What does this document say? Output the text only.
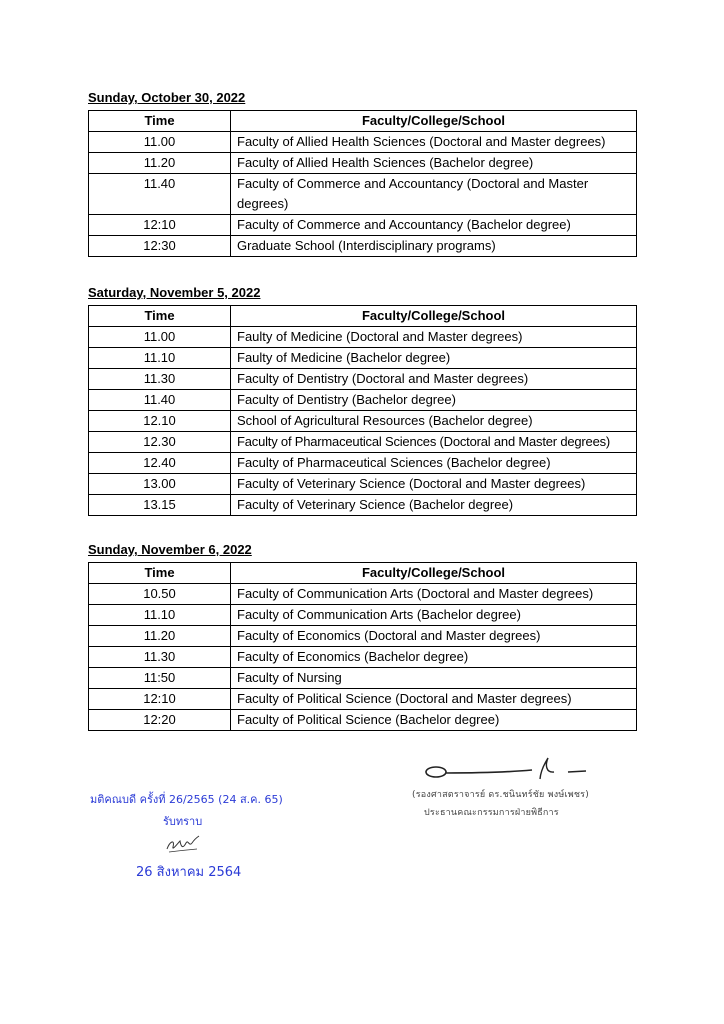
Sunday, October 30, 2022

Time	Faculty/College/School
11.00	Faculty of Allied Health Sciences (Doctoral and Master degrees)
11.20	Faculty of Allied Health Sciences (Bachelor degree)
11.40	Faculty of Commerce and Accountancy (Doctoral and Master degrees)
12:10	Faculty of Commerce and Accountancy (Bachelor degree)
12:30	Graduate School (Interdisciplinary programs)

Saturday, November 5, 2022

Time	Faculty/College/School
11.00	Faulty of Medicine (Doctoral and Master degrees)
11.10	Faulty of Medicine (Bachelor degree)
11.30	Faculty of Dentistry (Doctoral and Master degrees)
11.40	Faculty of Dentistry (Bachelor degree)
12.10	School of Agricultural Resources (Bachelor degree)
12.30	Faculty of Pharmaceutical Sciences (Doctoral and Master degrees)
12.40	Faculty of Pharmaceutical Sciences (Bachelor degree)
13.00	Faculty of Veterinary Science (Doctoral and Master degrees)
13.15	Faculty of Veterinary Science (Bachelor degree)

Sunday, November 6, 2022

Time	Faculty/College/School
10.50	Faculty of Communication Arts (Doctoral and Master degrees)
11.10	Faculty of Communication Arts (Bachelor degree)
11.20	Faculty of Economics (Doctoral and Master degrees)
11.30	Faculty of Economics (Bachelor degree)
11:50	Faculty of Nursing
12:10	Faculty of Political Science (Doctoral and Master degrees)
12:20	Faculty of Political Science (Bachelor degree)
มติคณบดี ครั้งที่ 26/2565 (24 ส.ค. 65)
รับทราบ
26 สิงหาคม 2564
(รองศาสตราจารย์ ดร.ชนินทร์ชัย พงษ์เพชร)
ประธานคณะกรรมการฝ่ายพิธีการ
